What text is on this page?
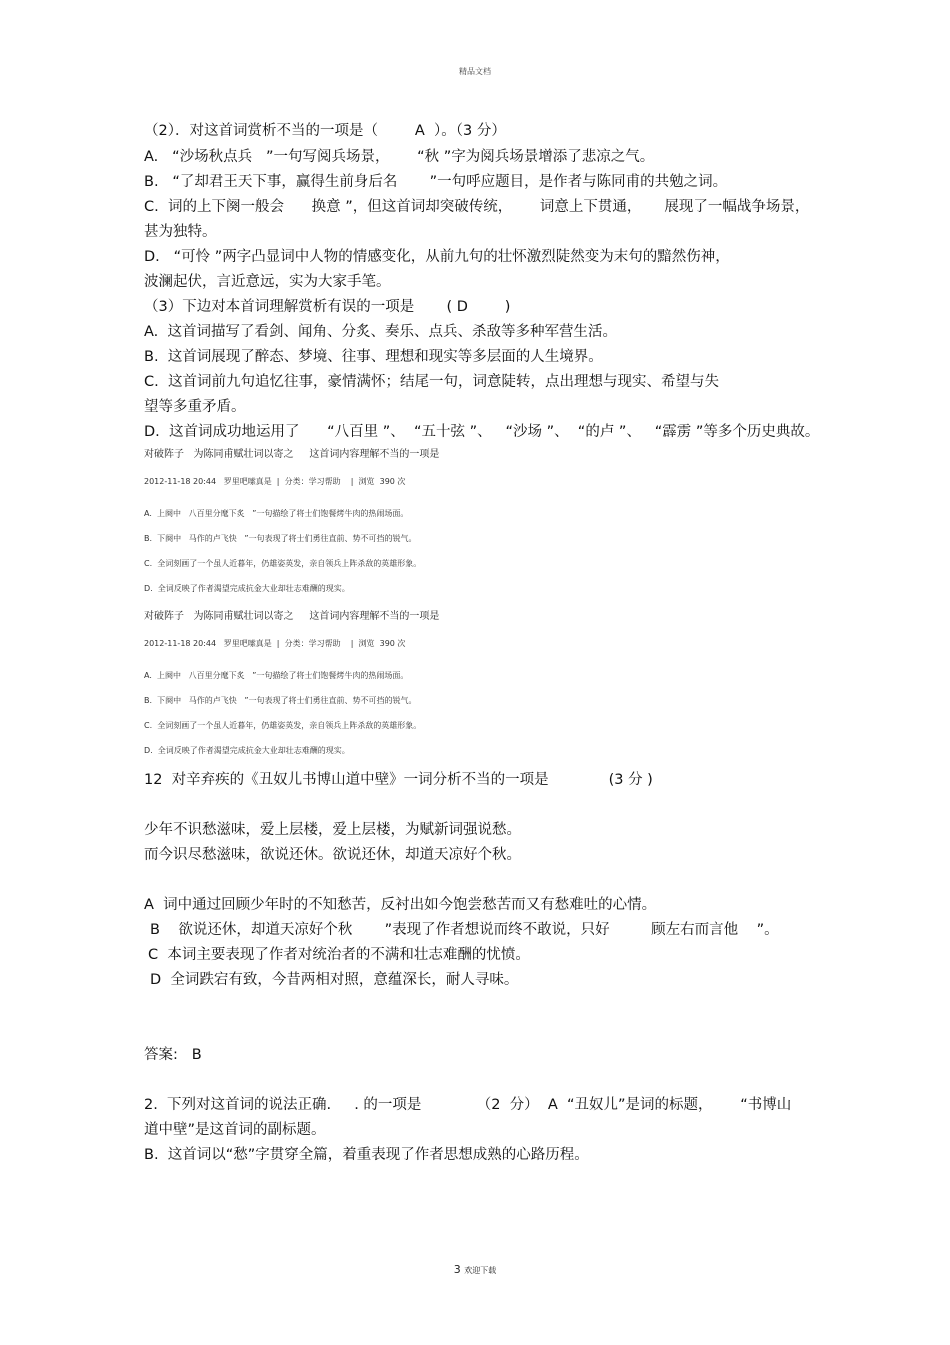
精品文档
（2）．对这首词赏析不当的一项是（        A  ）。（3 分）
A.   “沙场秋点兵   ”一句写阅兵场景，      “秋 ”字为阅兵场景增添了悲凉之气。
B.   “了却君王天下事，赢得生前身后名       ”一句呼应题目，是作者与陈同甫的共勉之词。
C.  词的上下阕一般会      换意 ”，但这首词却突破传统，      词意上下贯通，     展现了一幅战争场景，
甚为独特。
D.   “可怜 ”两字凸显词中人物的情感变化，从前九句的壮怀激烈陡然变为末句的黯然伤神，
波澜起伏，言近意远，实为大家手笔。
（3）下边对本首词理解赏析有误的一项是       ( D        )
A.  这首词描写了看剑、闻角、分炙、奏乐、点兵、杀敌等多种军营生活。
B.  这首词展现了醉态、梦境、往事、理想和现实等多层面的人生境界。
C.  这首词前九句追忆往事，豪情满怀；结尾一句，词意陡转，点出理想与现实、希望与失
望等多重矛盾。
D.  这首词成功地运用了      “八百里 ”、  “五十弦 ”、   “沙场 ”、  “的卢 ”、   “霹雳 ”等多个历史典故。
对破阵子   为陈同甫赋壮词以寄之     这首词内容理解不当的一项是
2012-11-18 20:44   罗里吧嗦真是  |  分类：学习帮助    |  浏览  390 次
A.  上阕中   八百里分麾下炙   ”一句描绘了将士们饱餐烤牛肉的热闹场面。
B.  下阕中   马作的卢飞快   ”一句表现了将士们勇往直前、势不可挡的锐气。
C.  全词刻画了一个虽人近暮年，仍雄姿英发，亲自领兵上阵杀敌的英雄形象。
D.  全词反映了作者渴望完成抗金大业却壮志难酬的现实。
对破阵子   为陈同甫赋壮词以寄之     这首词内容理解不当的一项是
2012-11-18 20:44   罗里吧嗦真是  |  分类：学习帮助    |  浏览  390 次
A.  上阕中   八百里分麾下炙   ”一句描绘了将士们饱餐烤牛肉的热闹场面。
B.  下阕中   马作的卢飞快   ”一句表现了将士们勇往直前、势不可挡的锐气。
C.  全词刻画了一个虽人近暮年，仍雄姿英发，亲自领兵上阵杀敌的英雄形象。
D.  全词反映了作者渴望完成抗金大业却壮志难酬的现实。
12  对辛弃疾的《丑奴儿书博山道中壁》一词分析不当的一项是             (3 分 )
少年不识愁滋味，爱上层楼，爱上层楼，为赋新词强说愁。
而今识尽愁滋味，欲说还休。欲说还休，却道天凉好个秋。
A  词中通过回顾少年时的不知愁苦，反衬出如今饱尝愁苦而又有愁难吐的心情。
B    欲说还休，却道天凉好个秋       ”表现了作者想说而终不敢说，只好         顾左右而言他    ”。
C  本词主要表现了作者对统治者的不满和壮志难酬的忧愤。
D  全词跌宕有致，今昔两相对照，意蕴深长，耐人寻味。
答案:   B
2.  下列对这首词的说法正确.     . 的一项是            （2  分）  A  “丑奴儿”是词的标题，      “书博山
道中壁”是这首词的副标题。
B.  这首词以“愁”字贯穿全篇，着重表现了作者思想成熟的心路历程。
3 欢迎下载
